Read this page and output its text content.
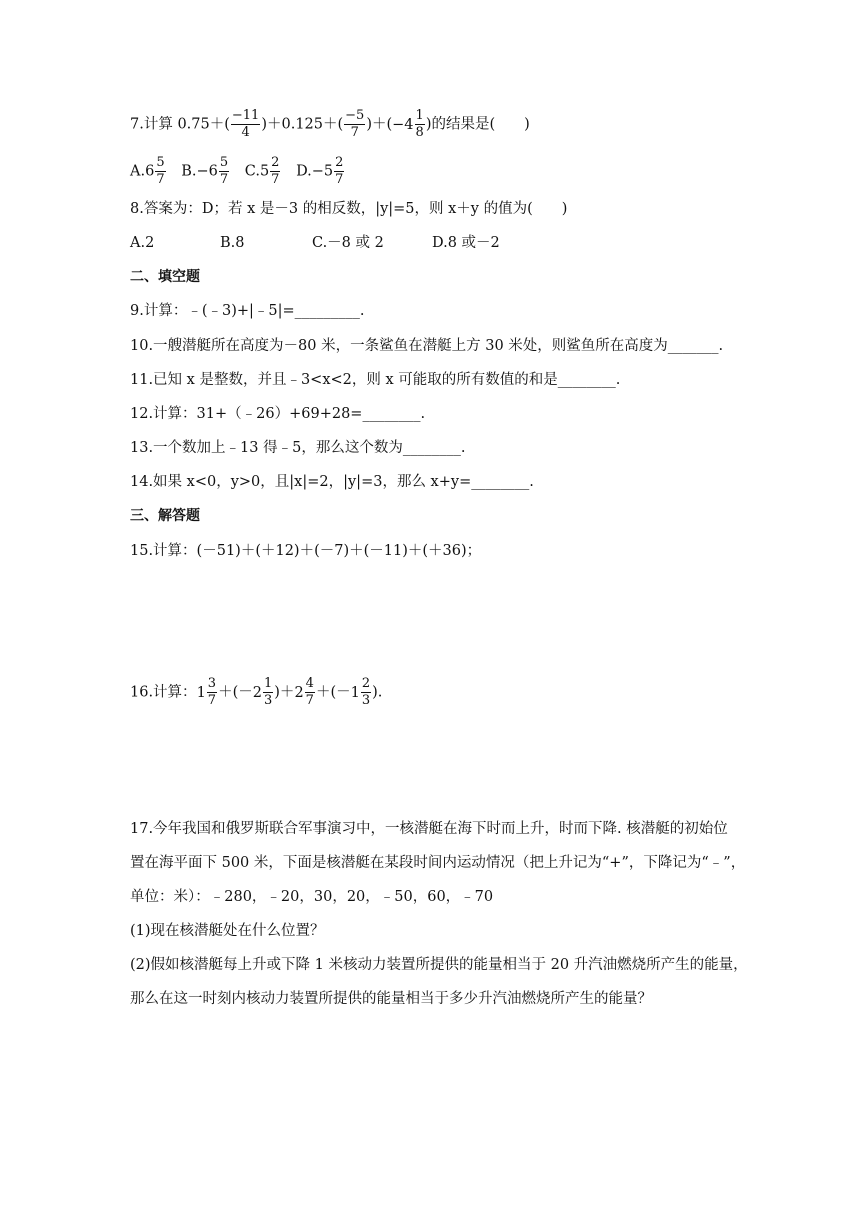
7.计算 $0.75+( \frac{-11}{4} )+0.125+( \frac{-5}{7}$ )＋( $-4 \frac{1}{8}$ )的结果是(　　)
$A.6 \frac{5}{7} B.-6 \frac{5}{7} C.5 \frac{2}{7} D.-5 \frac{2}{7}$
8.答案为：D；若 x 是－3 的相反数，|y|=5，则 x＋y 的值为(　　)
A.2	B.8	C.－8 或 2	D.8 或－2
二、填空题
9.计算：﹣(﹣3)+|﹣5|=_________.
10.一艘潜艇所在高度为－80 米，一条鲨鱼在潜艇上方 30 米处，则鲨鱼所在高度为_______.
11.已知 x 是整数，并且﹣3<x<2，则 x 可能取的所有数值的和是________.
12.计算：31+（﹣26）+69+28=________.
13.一个数加上﹣13 得﹣5，那么这个数为________.
14.如果 x<0，y>0，且|x|=2，|y|=3，那么 x+y=________.
三、解答题
15.计算：(－51)＋(＋12)＋(－7)＋(－11)＋(＋36)；
16.计算： $1 \frac{3}{7}$ ＋(－ $2 \frac{1}{3}$ )＋ $2 \frac{4}{7}$ ＋(－ $1 \frac{2}{3}$ ).
17.今年我国和俄罗斯联合军事演习中，一核潜艇在海下时而上升，时而下降. 核潜艇的初始位
置在海平面下 500 米，下面是核潜艇在某段时间内运动情况（把上升记为“+”，下降记为“﹣”，
单位：米）：﹣280，﹣20，30，20，﹣50，60，﹣70
(1)现在核潜艇处在什么位置？
(2)假如核潜艇每上升或下降 1 米核动力装置所提供的能量相当于 20 升汽油燃烧所产生的能量，
那么在这一时刻内核动力装置所提供的能量相当于多少升汽油燃烧所产生的能量？
